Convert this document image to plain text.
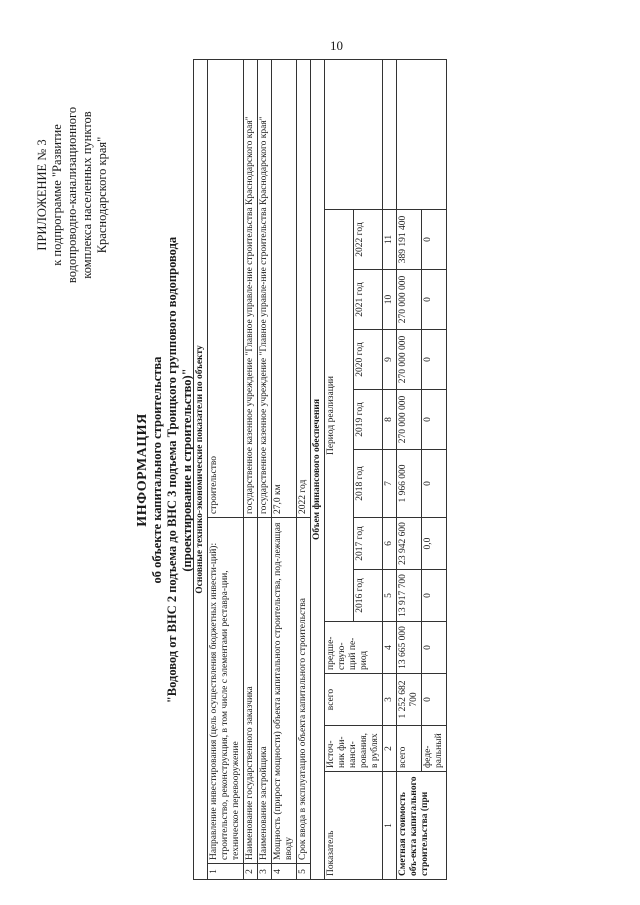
10
ПРИЛОЖЕНИЕ № 3 к подпрограмме "Развитие водопроводно-канализационного комплекса населенных пунктов Краснодарского края"
ИНФОРМАЦИЯ об объекте капитального строительства "Водовод от ВНС 2 подъема до ВНС 3 подъема Троицкого группового водопровода (проектирование и строительство)" Основные технико-экономические показатели по объекту												
1	Направление инвестирования (цель осуществления бюджетных инвести-ций): строительство, реконструкция, в том числе с элементами реставра-ции, техническое перевооружение						строительство					
2	Наименование государственного заказчика						государственное казенное учреждение "Главное управле-ние строительства Краснодарского края"					
3	Наименование застройщика						государственное казенное учреждение "Главное управле-ние строительства Краснодарского края"					
4	Мощность (прирост мощности) объекта капитального строительства, под-лежащая вводу						27,0 км					
5	Срок ввода в эксплуатацию объекта капитального строительства						2022 год					
Объем финансового обеспечения												
Показатель		Источ-ник фи-нанси-рования, в рублях	всего	предше-ствую-щий пе-риод	Период реализации							
					2016 год	2017 год	2018 год	2019 год	2020 год	2021 год	2022 год	
1		2	3	4	5	6	7	8	9	10	11	
Сметная стоимость объ-екта капитального строительства (при		всего	1 252 682 700	13 665 000	13 917 700	23 942 600	1 966 000	270 000 000	270 000 000	270 000 000	389 191 400	
		феде-ральный	0	0	0	0,0	0	0	0	0	0	
